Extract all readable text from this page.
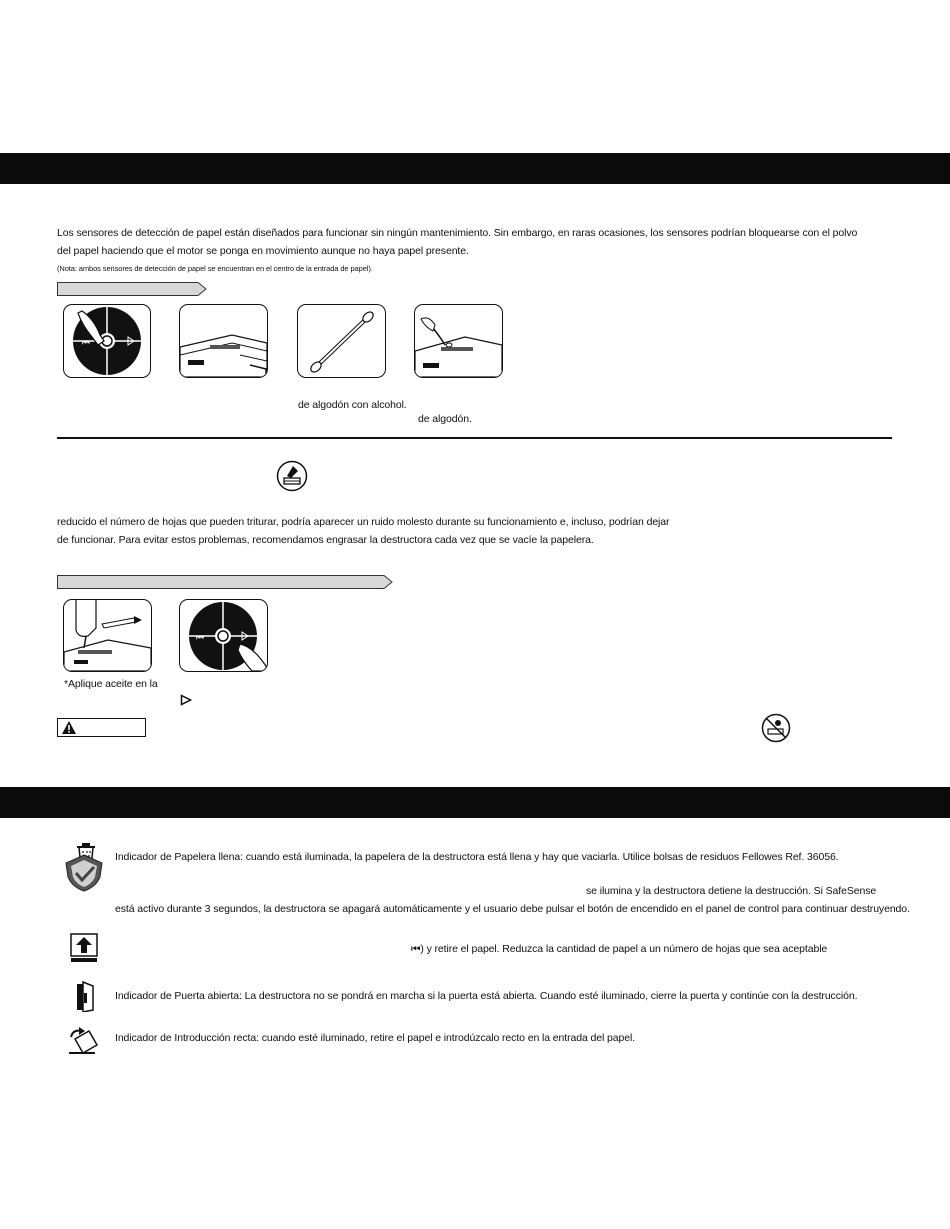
Los sensores de detección de papel están diseñados para funcionar sin ningún mantenimiento. Sin embargo, en raras ocasiones, los sensores podrían bloquearse con el polvo
del papel haciendo que el motor se ponga en movimiento aunque no haya papel presente.
(Nota: ambos sensores de detección de papel se encuentran en el centro de la entrada de papel).
⏮
de algodón con alcohol.
de algodón.
reducido el número de hojas que pueden triturar, podría aparecer un ruido molesto durante su funcionamiento e, incluso, podrían dejar
de funcionar. Para evitar estos problemas, recomendamos engrasar la destructora cada vez que se vacíe la papelera.
⏮
*Aplique aceite en la
Indicador de Papelera llena: cuando está iluminada, la papelera de la destructora está llena y hay que vaciarla. Utilice bolsas de residuos Fellowes Ref. 36056.
se ilumina y la destructora detiene la destrucción. Si SafeSense
está activo durante 3 segundos, la destructora se apagará automáticamente y el usuario debe pulsar el botón de encendido en el panel de control para continuar destruyendo.
⏮) y retire el papel. Reduzca la cantidad de papel a un número de hojas que sea aceptable
Indicador de Puerta abierta: La destructora no se pondrá en marcha si la puerta está abierta. Cuando esté iluminado, cierre la puerta y continúe con la destrucción.
Indicador de Introducción recta: cuando esté iluminado, retire el papel e introdúzcalo recto en la entrada del papel.
